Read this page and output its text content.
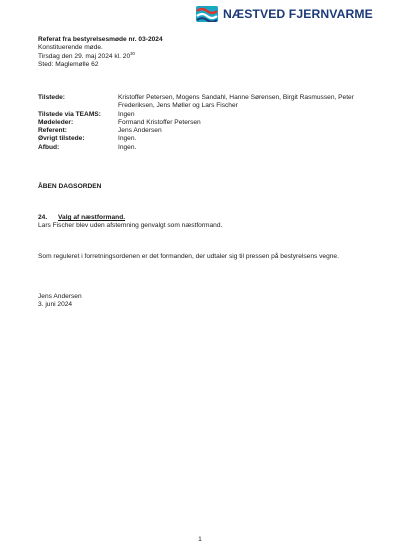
NÆSTVED FJERNVARME
Referat fra bestyrelsesmøde nr. 03-2024
Konstituerende møde.
Tirsdag den 29. maj 2024 kl. $20^{30}$
Sted: Maglemølle 62
Tilstede:	Kristoffer Petersen, Mogens Sandahl, Hanne Sørensen, Birgit Rasmussen, Peter Frederiksen, Jens Møller og Lars Fischer
Tilstede via TEAMS:	Ingen
Mødeleder:	Formand Kristoffer Petersen
Referent:	Jens Andersen
Øvrigt tilstede:	Ingen.
Afbud:	Ingen.
ÅBEN DAGSORDEN
24. Valg af næstformand.
Lars Fischer blev uden afstemning genvalgt som næstformand.
Som reguleret i forretningsordenen er det formanden, der udtaler sig til pressen på bestyrelsens vegne.
Jens Andersen
3. juni 2024
1
